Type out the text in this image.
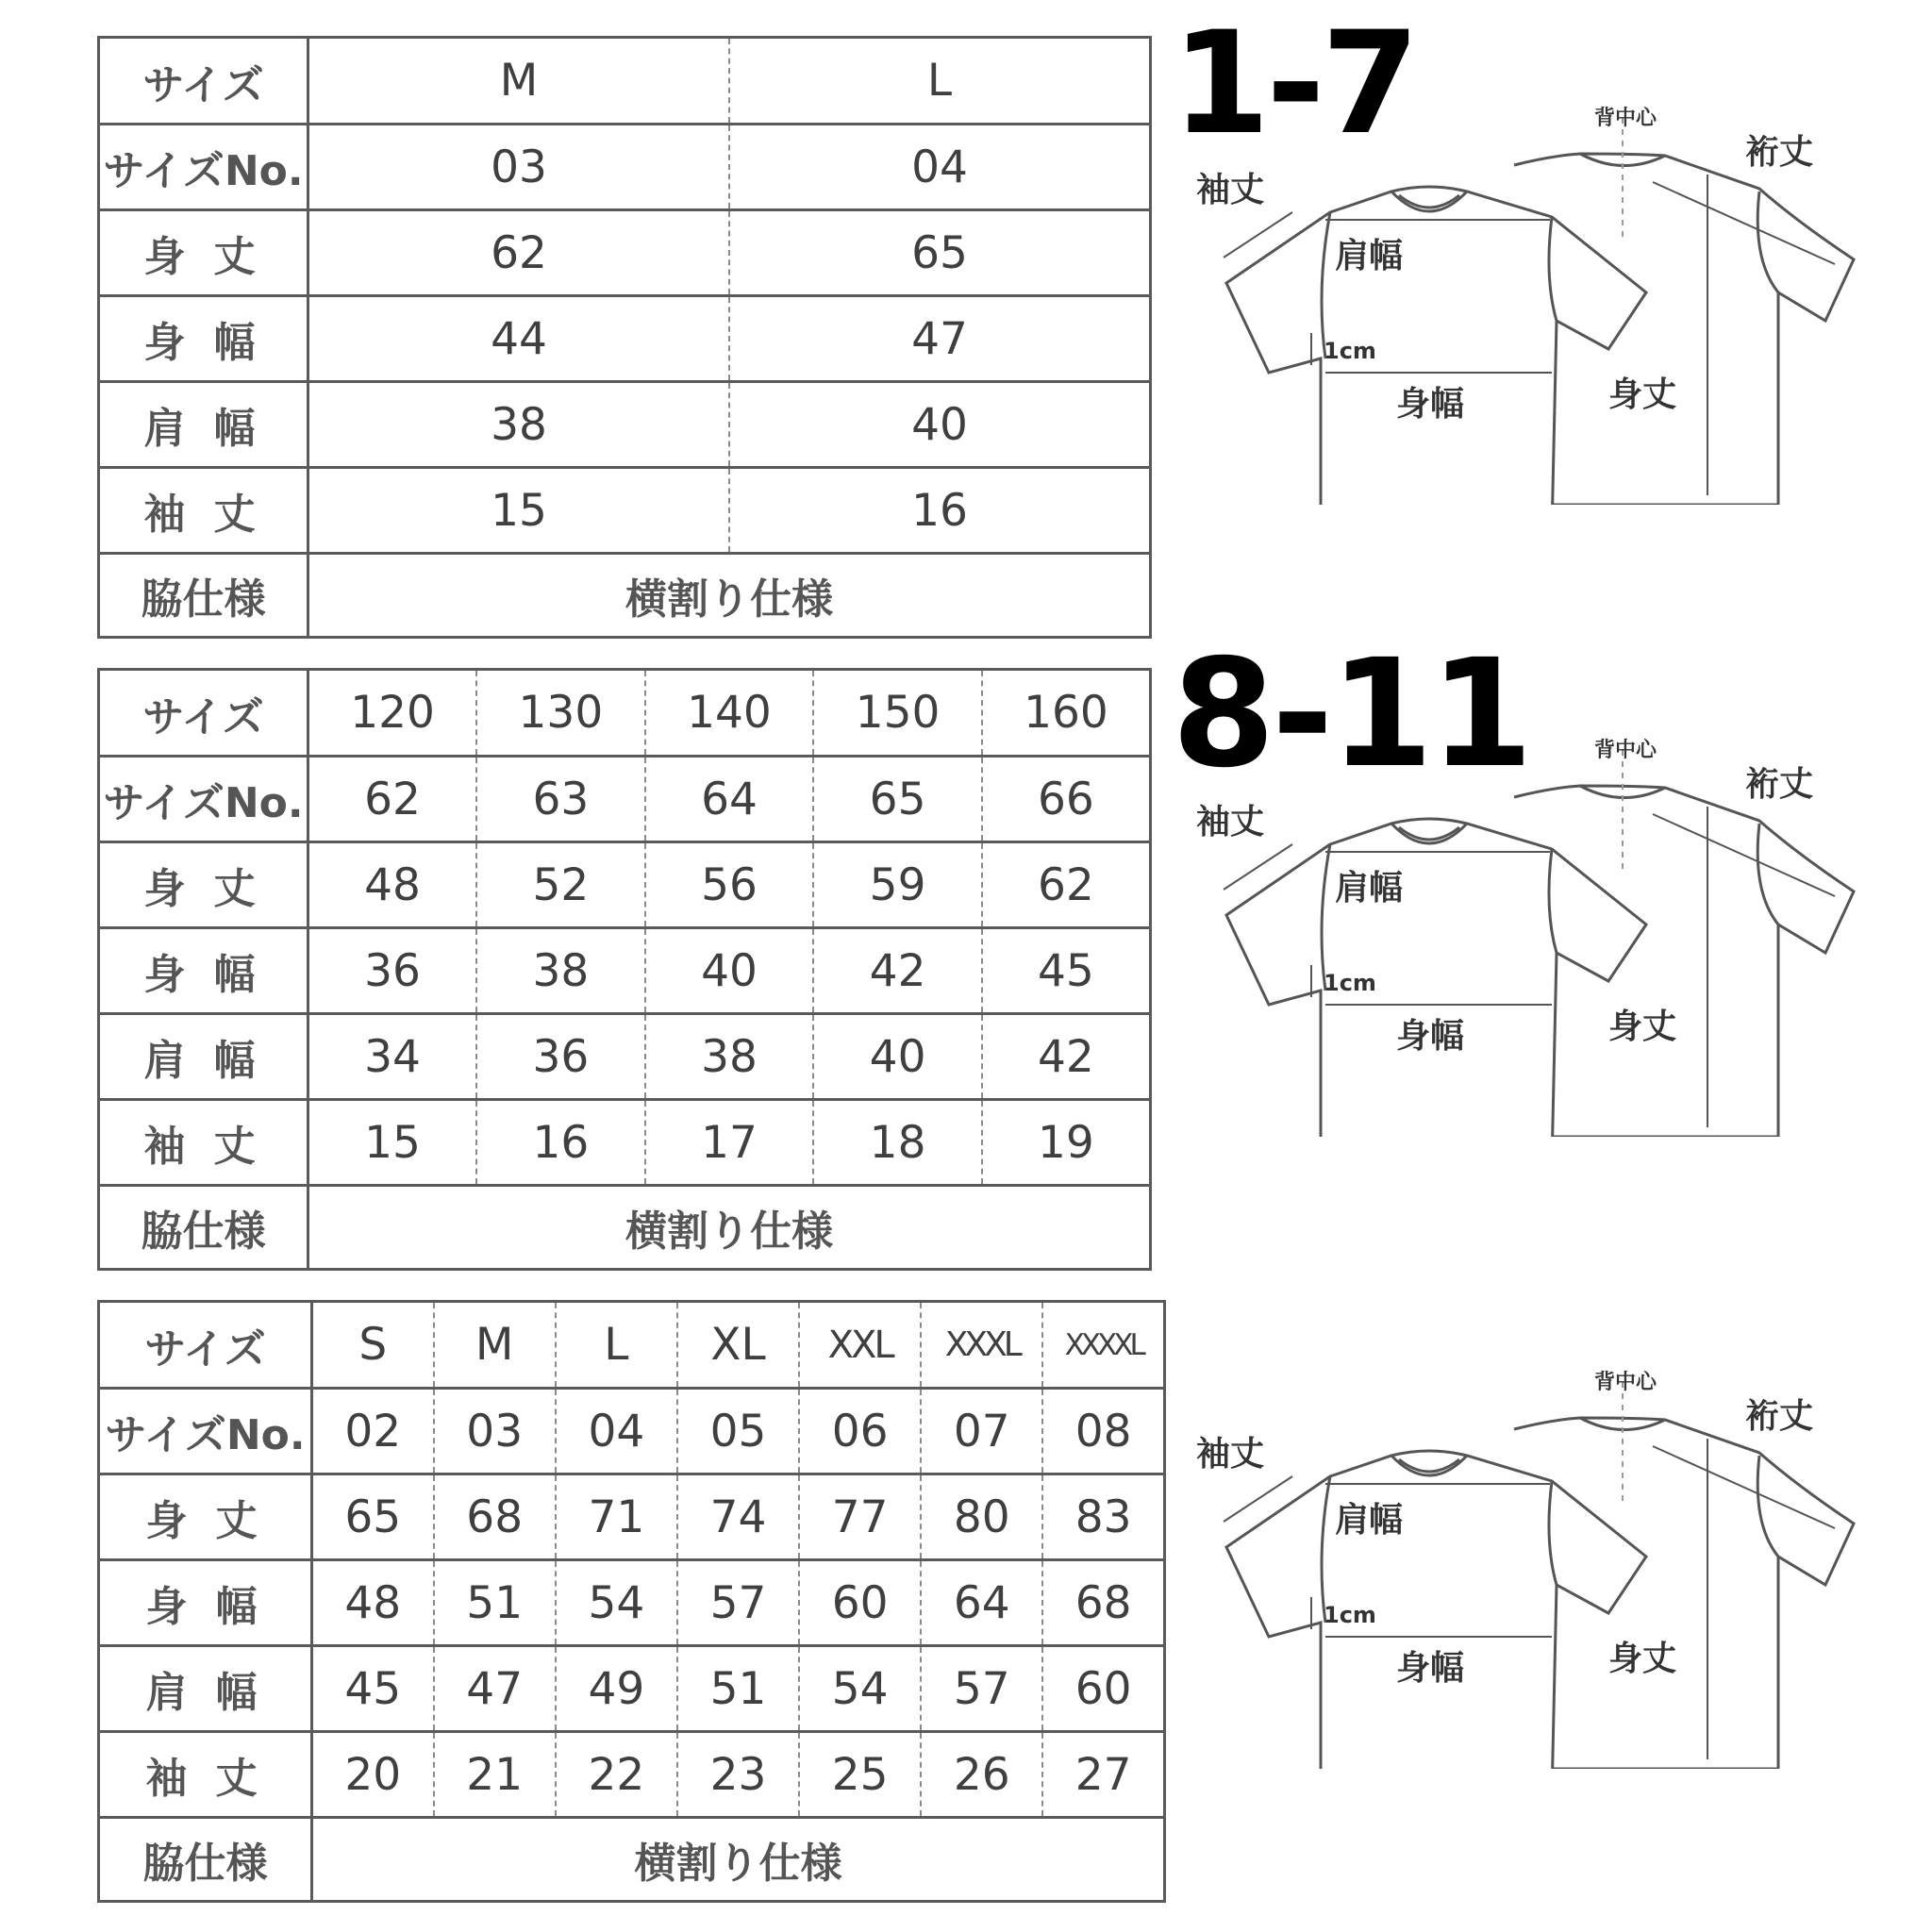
サイズ	M	L
サイズNo.	03	04
身丈	62	65
身幅	44	47
肩幅	38	40
袖丈	15	16
脇仕様	横割り仕様	
サイズ	120	130	140	150	160
サイズNo.	62	63	64	65	66
身丈	48	52	56	59	62
身幅	36	38	40	42	45
肩幅	34	36	38	40	42
袖丈	15	16	17	18	19
脇仕様	横割り仕様				
サイズ	S	M	L	XL	XXL	XXXL	XXXXL
サイズNo.	02	03	04	05	06	07	08
身丈	65	68	71	74	77	80	83
身幅	48	51	54	57	60	64	68
肩幅	45	47	49	51	54	57	60
袖丈	20	21	22	23	25	26	27
脇仕様	横割り仕様						
1-7
8-11
背中心
裄丈
袖丈
肩幅
1cm
身幅	身丈
背中心
裄丈
袖丈
肩幅
1cm
身幅	身丈
背中心
裄丈
袖丈
肩幅
1cm
身幅	身丈
